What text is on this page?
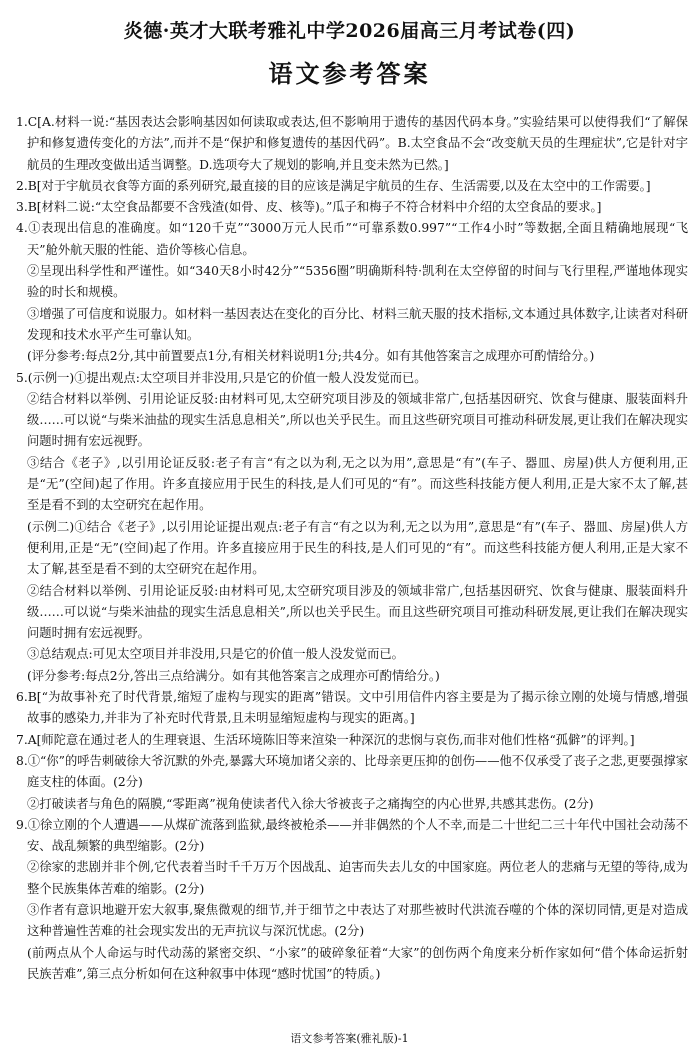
炎德·英才大联考雅礼中学2026届高三月考试卷(四)
语文参考答案

1.C[A.材料一说:“基因表达会影响基因如何读取或表达,但不影响用于遗传的基因代码本身。”实验结果可以使得我们“了解保护和修复遗传变化的方法”,而并不是“保护和修复遗传的基因代码”。B.太空食品不会“改变航天员的生理症状”,它是针对宇航员的生理改变做出适当调整。D.选项夸大了规划的影响,并且变未然为已然。]

2.B[对于宇航员衣食等方面的系列研究,最直接的目的应该是满足宇航员的生存、生活需要,以及在太空中的工作需要。]

3.B[材料二说:“太空食品都要不含残渣(如骨、皮、核等)。”瓜子和梅子不符合材料中介绍的太空食品的要求。]

4.①表现出信息的准确度。如“120千克”“3000万元人民币”“可靠系数0.997”“工作4小时”等数据,全面且精确地展现“飞天”舱外航天服的性能、造价等核心信息。

②呈现出科学性和严谨性。如“340天8小时42分”“5356圈”明确斯科特·凯利在太空停留的时间与飞行里程,严谨地体现实验的时长和规模。

③增强了可信度和说服力。如材料一基因表达在变化的百分比、材料三航天服的技术指标,文本通过具体数字,让读者对科研发现和技术水平产生可靠认知。

(评分参考:每点2分,其中前置要点1分,有相关材料说明1分;共4分。如有其他答案言之成理亦可酌情给分。)

5.(示例一)①提出观点:太空项目并非没用,只是它的价值一般人没发觉而已。

②结合材料以举例、引用论证反驳:由材料可见,太空研究项目涉及的领域非常广,包括基因研究、饮食与健康、服装面料升级……可以说“与柴米油盐的现实生活息息相关”,所以也关乎民生。而且这些研究项目可推动科研发展,更让我们在解决现实问题时拥有宏远视野。

③结合《老子》,以引用论证反驳:老子有言“有之以为利,无之以为用”,意思是“有”(车子、器皿、房屋)供人方便利用,正是“无”(空间)起了作用。许多直接应用于民生的科技,是人们可见的“有”。而这些科技能方便人利用,正是大家不太了解,甚至是看不到的太空研究在起作用。

(示例二)①结合《老子》,以引用论证提出观点:老子有言“有之以为利,无之以为用”,意思是“有”(车子、器皿、房屋)供人方便利用,正是“无”(空间)起了作用。许多直接应用于民生的科技,是人们可见的“有”。而这些科技能方便人利用,正是大家不太了解,甚至是看不到的太空研究在起作用。

②结合材料以举例、引用论证反驳:由材料可见,太空研究项目涉及的领域非常广,包括基因研究、饮食与健康、服装面料升级……可以说“与柴米油盐的现实生活息息相关”,所以也关乎民生。而且这些研究项目可推动科研发展,更让我们在解决现实问题时拥有宏远视野。

③总结观点:可见太空项目并非没用,只是它的价值一般人没发觉而已。

(评分参考:每点2分,答出三点给满分。如有其他答案言之成理亦可酌情给分。)

6.B[“为故事补充了时代背景,缩短了虚构与现实的距离”错误。文中引用信件内容主要是为了揭示徐立刚的处境与情感,增强故事的感染力,并非为了补充时代背景,且未明显缩短虚构与现实的距离。]

7.A[师陀意在通过老人的生理衰退、生活环境陈旧等来渲染一种深沉的悲悯与哀伤,而非对他们性格“孤僻”的评判。]

8.①“你”的呼告刺破徐大爷沉默的外壳,暴露大环境加诸父亲的、比母亲更压抑的创伤——他不仅承受了丧子之悲,更要强撑家庭支柱的体面。(2分)

②打破读者与角色的隔膜,“零距离”视角使读者代入徐大爷被丧子之痛掏空的内心世界,共感其悲伤。(2分)

9.①徐立刚的个人遭遇——从煤矿流落到监狱,最终被枪杀——并非偶然的个人不幸,而是二十世纪二三十年代中国社会动荡不安、战乱频繁的典型缩影。(2分)

②徐家的悲剧并非个例,它代表着当时千千万万个因战乱、迫害而失去儿女的中国家庭。两位老人的悲痛与无望的等待,成为整个民族集体苦难的缩影。(2分)

③作者有意识地避开宏大叙事,聚焦微观的细节,并于细节之中表达了对那些被时代洪流吞噬的个体的深切同情,更是对造成这种普遍性苦难的社会现实发出的无声抗议与深沉忧虑。(2分)

(前两点从个人命运与时代动荡的紧密交织、“小家”的破碎象征着“大家”的创伤两个角度来分析作家如何“借个体命运折射民族苦难”,第三点分析如何在这种叙事中体现“感时忧国”的特质。)

语文参考答案(雅礼版)-1
